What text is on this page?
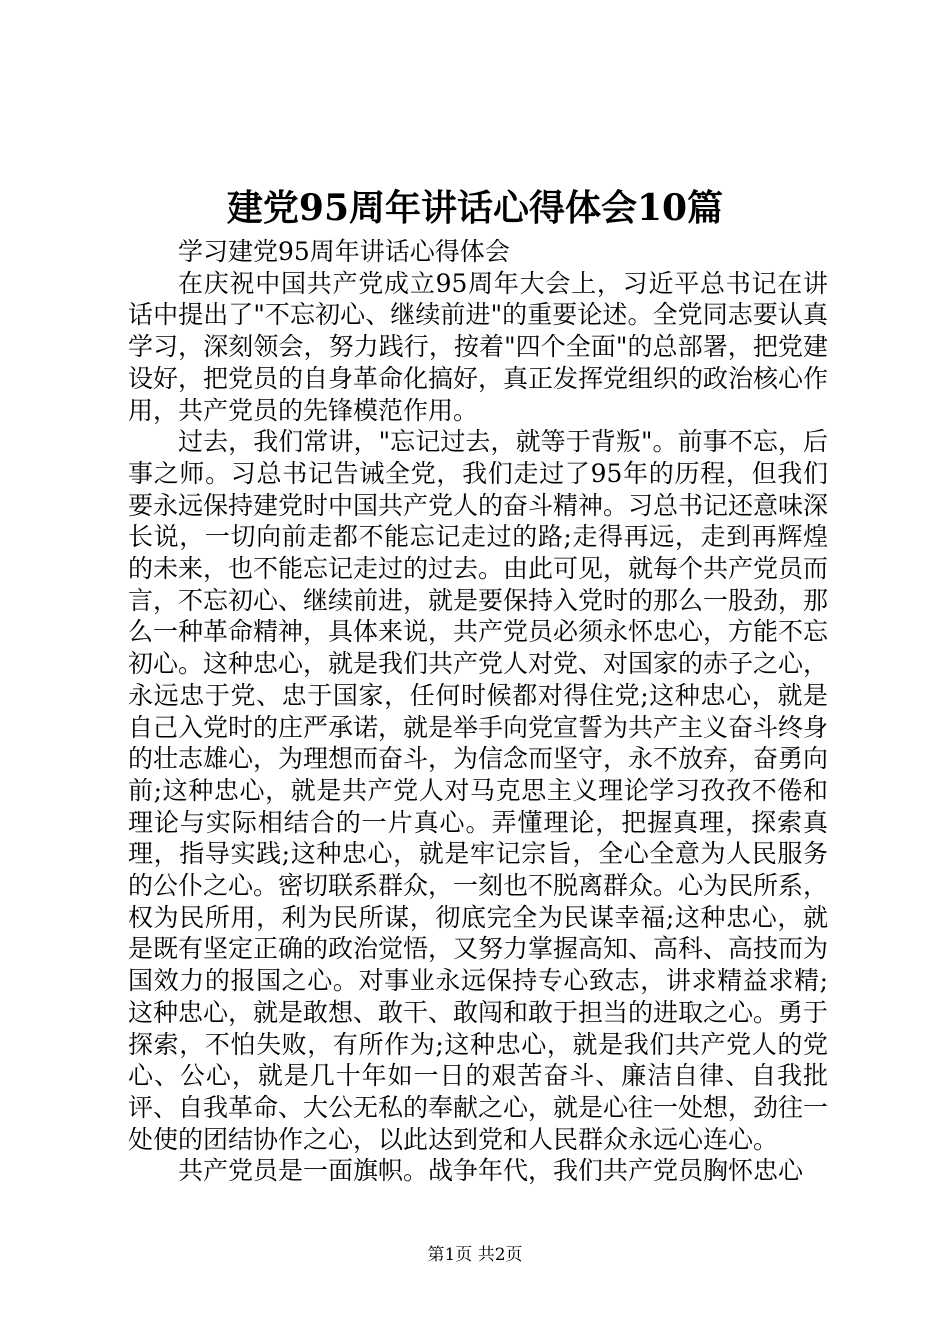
建党95周年讲话心得体会10篇

学习建党95周年讲话心得体会

在庆祝中国共产党成立95周年大会上，习近平总书记在讲话中提出了"不忘初心、继续前进"的重要论述。全党同志要认真学习，深刻领会，努力践行，按着"四个全面"的总部署，把党建设好，把党员的自身革命化搞好，真正发挥党组织的政治核心作用，共产党员的先锋模范作用。

过去，我们常讲，"忘记过去，就等于背叛"。前事不忘，后事之师。习总书记告诫全党，我们走过了95年的历程，但我们要永远保持建党时中国共产党人的奋斗精神。习总书记还意味深长说，一切向前走都不能忘记走过的路;走得再远，走到再辉煌的未来，也不能忘记走过的过去。由此可见，就每个共产党员而言，不忘初心、继续前进，就是要保持入党时的那么一股劲，那么一种革命精神，具体来说，共产党员必须永怀忠心，方能不忘初心。这种忠心，就是我们共产党人对党、对国家的赤子之心，永远忠于党、忠于国家，任何时候都对得住党;这种忠心，就是自己入党时的庄严承诺，就是举手向党宣誓为共产主义奋斗终身的壮志雄心，为理想而奋斗，为信念而坚守，永不放弃，奋勇向前;这种忠心，就是共产党人对马克思主义理论学习孜孜不倦和理论与实际相结合的一片真心。弄懂理论，把握真理，探索真理，指导实践;这种忠心，就是牢记宗旨，全心全意为人民服务的公仆之心。密切联系群众，一刻也不脱离群众。心为民所系，权为民所用，利为民所谋，彻底完全为民谋幸福;这种忠心，就是既有坚定正确的政治觉悟，又努力掌握高知、高科、高技而为国效力的报国之心。对事业永远保持专心致志，讲求精益求精;这种忠心，就是敢想、敢干、敢闯和敢于担当的进取之心。勇于探索，不怕失败，有所作为;这种忠心，就是我们共产党人的党心、公心，就是几十年如一日的艰苦奋斗、廉洁自律、自我批评、自我革命、大公无私的奉献之心，就是心往一处想，劲往一处使的团结协作之心，以此达到党和人民群众永远心连心。

共产党员是一面旗帜。战争年代，我们共产党员胸怀忠心

第1页 共2页
